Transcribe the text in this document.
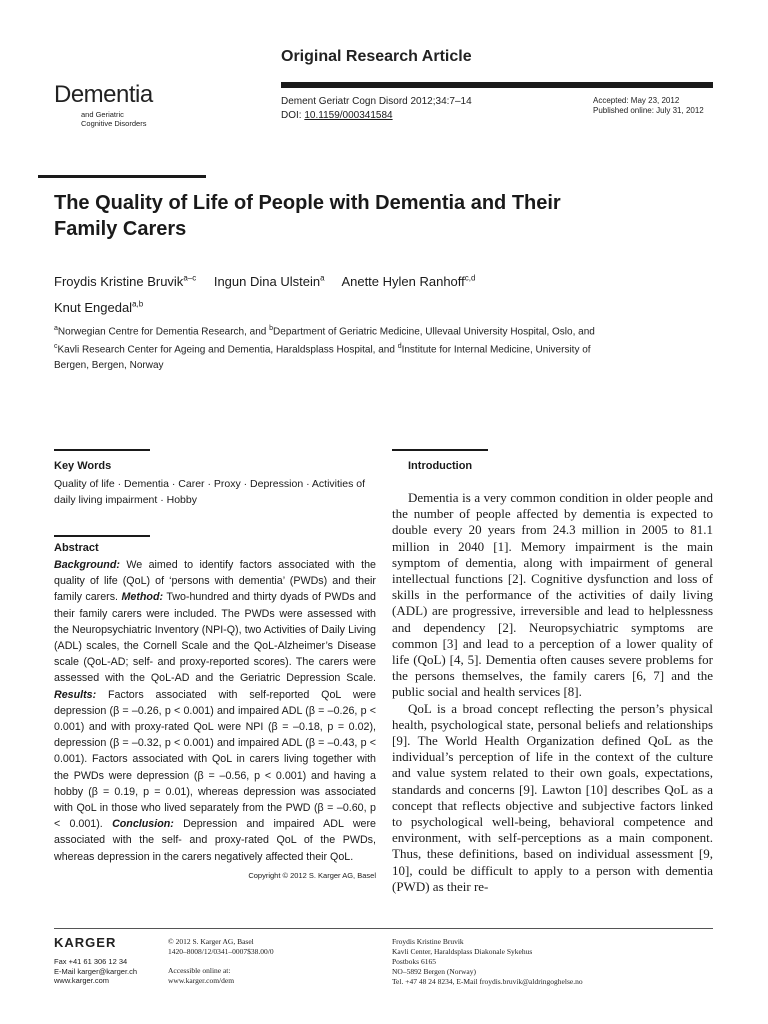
Original Research Article
Dementia
and Geriatric
Cognitive Disorders
Dement Geriatr Cogn Disord 2012;34:7–14
DOI: 10.1159/000341584
Accepted: May 23, 2012
Published online: July 31, 2012
The Quality of Life of People with Dementia and Their Family Carers
Froydis Kristine Bruvik$^{a-c}$ Ingun Dina Ulstein$^a$ Anette Hylen Ranhoff$^{c,d}$
Knut Engedal$^{a,b}$
$^a$Norwegian Centre for Dementia Research, and $^b$Department of Geriatric Medicine, Ullevaal University Hospital, Oslo, and $^c$Kavli Research Center for Ageing and Dementia, Haraldsplass Hospital, and $^d$Institute for Internal Medicine, University of Bergen, Bergen, Norway
Key Words
Quality of life · Dementia · Carer · Proxy · Depression · Activities of daily living impairment · Hobby
Abstract
Background: We aimed to identify factors associated with the quality of life (QoL) of ‘persons with dementia’ (PWDs) and their family carers. Method: Two-hundred and thirty dyads of PWDs and their family carers were included. The PWDs were assessed with the Neuropsychiatric Inventory (NPI-Q), two Activities of Daily Living (ADL) scales, the Cornell Scale and the QoL-Alzheimer’s Disease scale (QoL-AD; self- and proxy-reported scores). The carers were assessed with the QoL-AD and the Geriatric Depression Scale. Results: Factors associated with self-reported QoL were depression (β = –0.26, p < 0.001) and impaired ADL (β = –0.26, p < 0.001) and with proxy-rated QoL were NPI (β = –0.18, p = 0.02), depression (β = –0.32, p < 0.001) and impaired ADL (β = –0.43, p < 0.001). Factors associated with QoL in carers living together with the PWDs were depression (β = –0.56, p < 0.001) and having a hobby (β = 0.19, p = 0.01), whereas depression was associated with QoL in those who lived separately from the PWD (β = –0.60, p < 0.001). Conclusion: Depression and impaired ADL were associated with the self- and proxy-rated QoL of the PWDs, whereas depression in the carers negatively affected their QoL.
Copyright © 2012 S. Karger AG, Basel
Introduction

Dementia is a very common condition in older people and the number of people affected by dementia is expected to double every 20 years from 24.3 million in 2005 to 81.1 million in 2040 [1]. Memory impairment is the main symptom of dementia, along with impairment of general intellectual functions [2]. Cognitive dysfunction and loss of skills in the performance of the activities of daily living (ADL) are progressive, irreversible and lead to helplessness and dependency [2]. Neuropsychiatric symptoms are common [3] and lead to a perception of a lower quality of life (QoL) [4, 5]. Dementia often causes severe problems for the persons themselves, the family carers [6, 7] and the public social and health services [8].

QoL is a broad concept reflecting the person’s physical health, psychological state, personal beliefs and relationships [9]. The World Health Organization defined QoL as the individual’s perception of life in the context of the culture and value system related to their own goals, expectations, standards and concerns [9]. Lawton [10] describes QoL as a concept that reflects objective and subjective factors linked to psychological well-being, behavioral competence and environment, with self-perceptions as a main component. Thus, these definitions, based on individual assessment [9, 10], could be difficult to apply to a person with dementia (PWD) as their re-

KARGER
Fax +41 61 306 12 34
E-Mail karger@karger.ch
www.karger.com
© 2012 S. Karger AG, Basel
1420–8008/12/0341–0007$38.00/0
Accessible online at:
www.karger.com/dem
Froydis Kristine Bruvik
Kavli Center, Haraldsplass Diakonale Sykehus
Postboks 6165
NO–5892 Bergen (Norway)
Tel. +47 48 24 8234, E-Mail froydis.bruvik@aldringoghelse.no
